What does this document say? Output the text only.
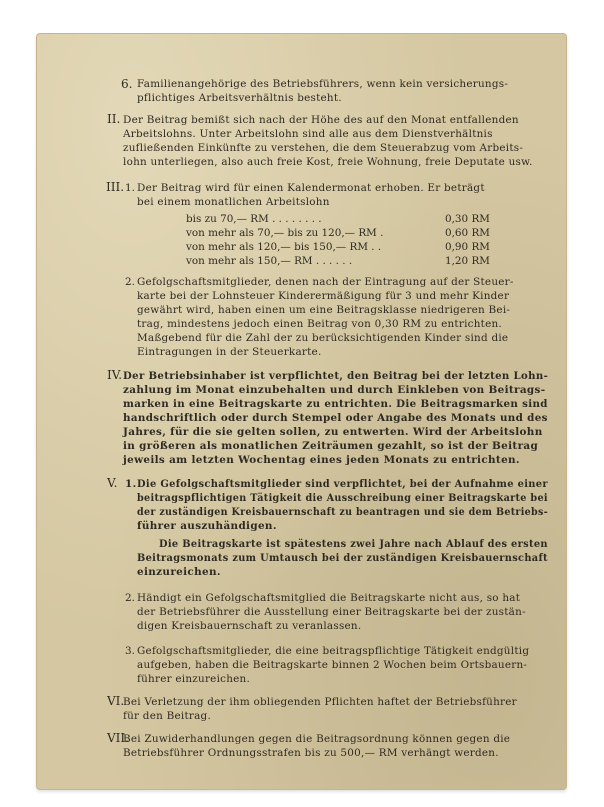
6. Familienangehörige des Betriebsführers, wenn kein versicherungs-
pflichtiges Arbeitsverhältnis besteht.
II. Der Beitrag bemißt sich nach der Höhe des auf den Monat entfallenden
Arbeitslohns. Unter Arbeitslohn sind alle aus dem Dienstverhältnis
zufließenden Einkünfte zu verstehen, die dem Steuerabzug vom Arbeits-
lohn unterliegen, also auch freie Kost, freie Wohnung, freie Deputate usw.
III. 1. Der Beitrag wird für einen Kalendermonat erhoben. Er beträgt
bei einem monatlichen Arbeitslohn
bis zu 70,— RM . . . . . . . .	0,30 RM
von mehr als 70,— bis zu 120,— RM .	0,60 RM
von mehr als 120,— bis 150,— RM . .	0,90 RM
von mehr als 150,— RM . . . . . .	1,20 RM
2. Gefolgschaftsmitglieder, denen nach der Eintragung auf der Steuer-
karte bei der Lohnsteuer Kinderermäßigung für 3 und mehr Kinder
gewährt wird, haben einen um eine Beitragsklasse niedrigeren Bei-
trag, mindestens jedoch einen Beitrag von 0,30 RM zu entrichten.
Maßgebend für die Zahl der zu berücksichtigenden Kinder sind die
Eintragungen in der Steuerkarte.
IV. Der Betriebsinhaber ist verpflichtet, den Beitrag bei der letzten Lohn-
zahlung im Monat einzubehalten und durch Einkleben von Beitrags-
marken in eine Beitragskarte zu entrichten. Die Beitragsmarken sind
handschriftlich oder durch Stempel oder Angabe des Monats und des
Jahres, für die sie gelten sollen, zu entwerten. Wird der Arbeitslohn
in größeren als monatlichen Zeiträumen gezahlt, so ist der Beitrag
jeweils am letzten Wochentag eines jeden Monats zu entrichten.
V. 1. Die Gefolgschaftsmitglieder sind verpflichtet, bei der Aufnahme einer
beitragspflichtigen Tätigkeit die Ausschreibung einer Beitragskarte bei
der zuständigen Kreisbauernschaft zu beantragen und sie dem Betriebs-
führer auszuhändigen.
Die Beitragskarte ist spätestens zwei Jahre nach Ablauf des ersten
Beitragsmonats zum Umtausch bei der zuständigen Kreisbauernschaft
einzureichen.
2. Händigt ein Gefolgschaftsmitglied die Beitragskarte nicht aus, so hat
der Betriebsführer die Ausstellung einer Beitragskarte bei der zustän-
digen Kreisbauernschaft zu veranlassen.
3. Gefolgschaftsmitglieder, die eine beitragspflichtige Tätigkeit endgültig
aufgeben, haben die Beitragskarte binnen 2 Wochen beim Ortsbauern-
führer einzureichen.
VI.
Bei Verletzung der ihm obliegenden Pflichten haftet der Betriebsführer
für den Beitrag.
VII.
Bei Zuwiderhandlungen gegen die Beitragsordnung können gegen die
Betriebsführer Ordnungsstrafen bis zu 500,— RM verhängt werden.
